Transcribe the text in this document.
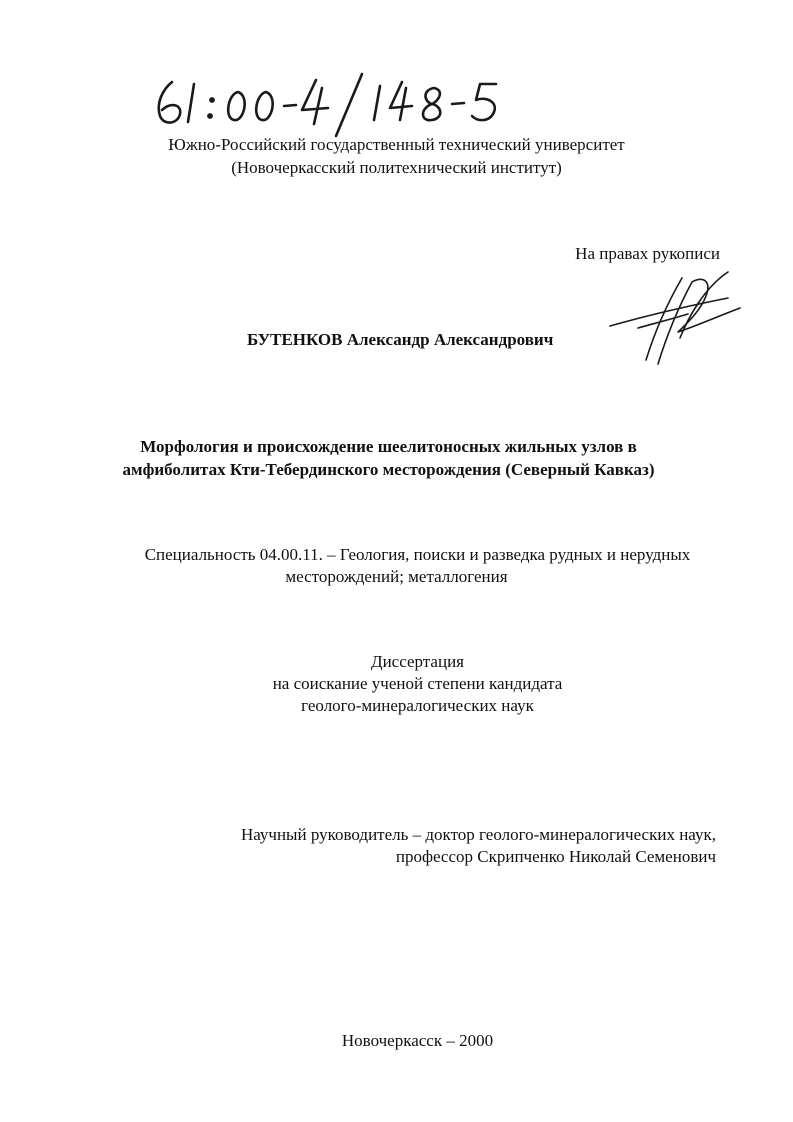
Южно-Российский государственный технический университет
(Новочеркасский политехнический институт)
На правах рукописи
БУТЕНКОВ Александр Александрович
Морфология и происхождение шеелитоносных жильных узлов в
амфиболитах Кти-Тебердинского месторождения (Северный Кавказ)
Специальность 04.00.11. – Геология, поиски и разведка рудных и нерудных
месторождений; металлогения
Диссертация
на соискание ученой степени кандидата
геолого-минералогических наук
Научный руководитель – доктор геолого-минералогических наук,
профессор Скрипченко Николай Семенович
Новочеркасск – 2000
